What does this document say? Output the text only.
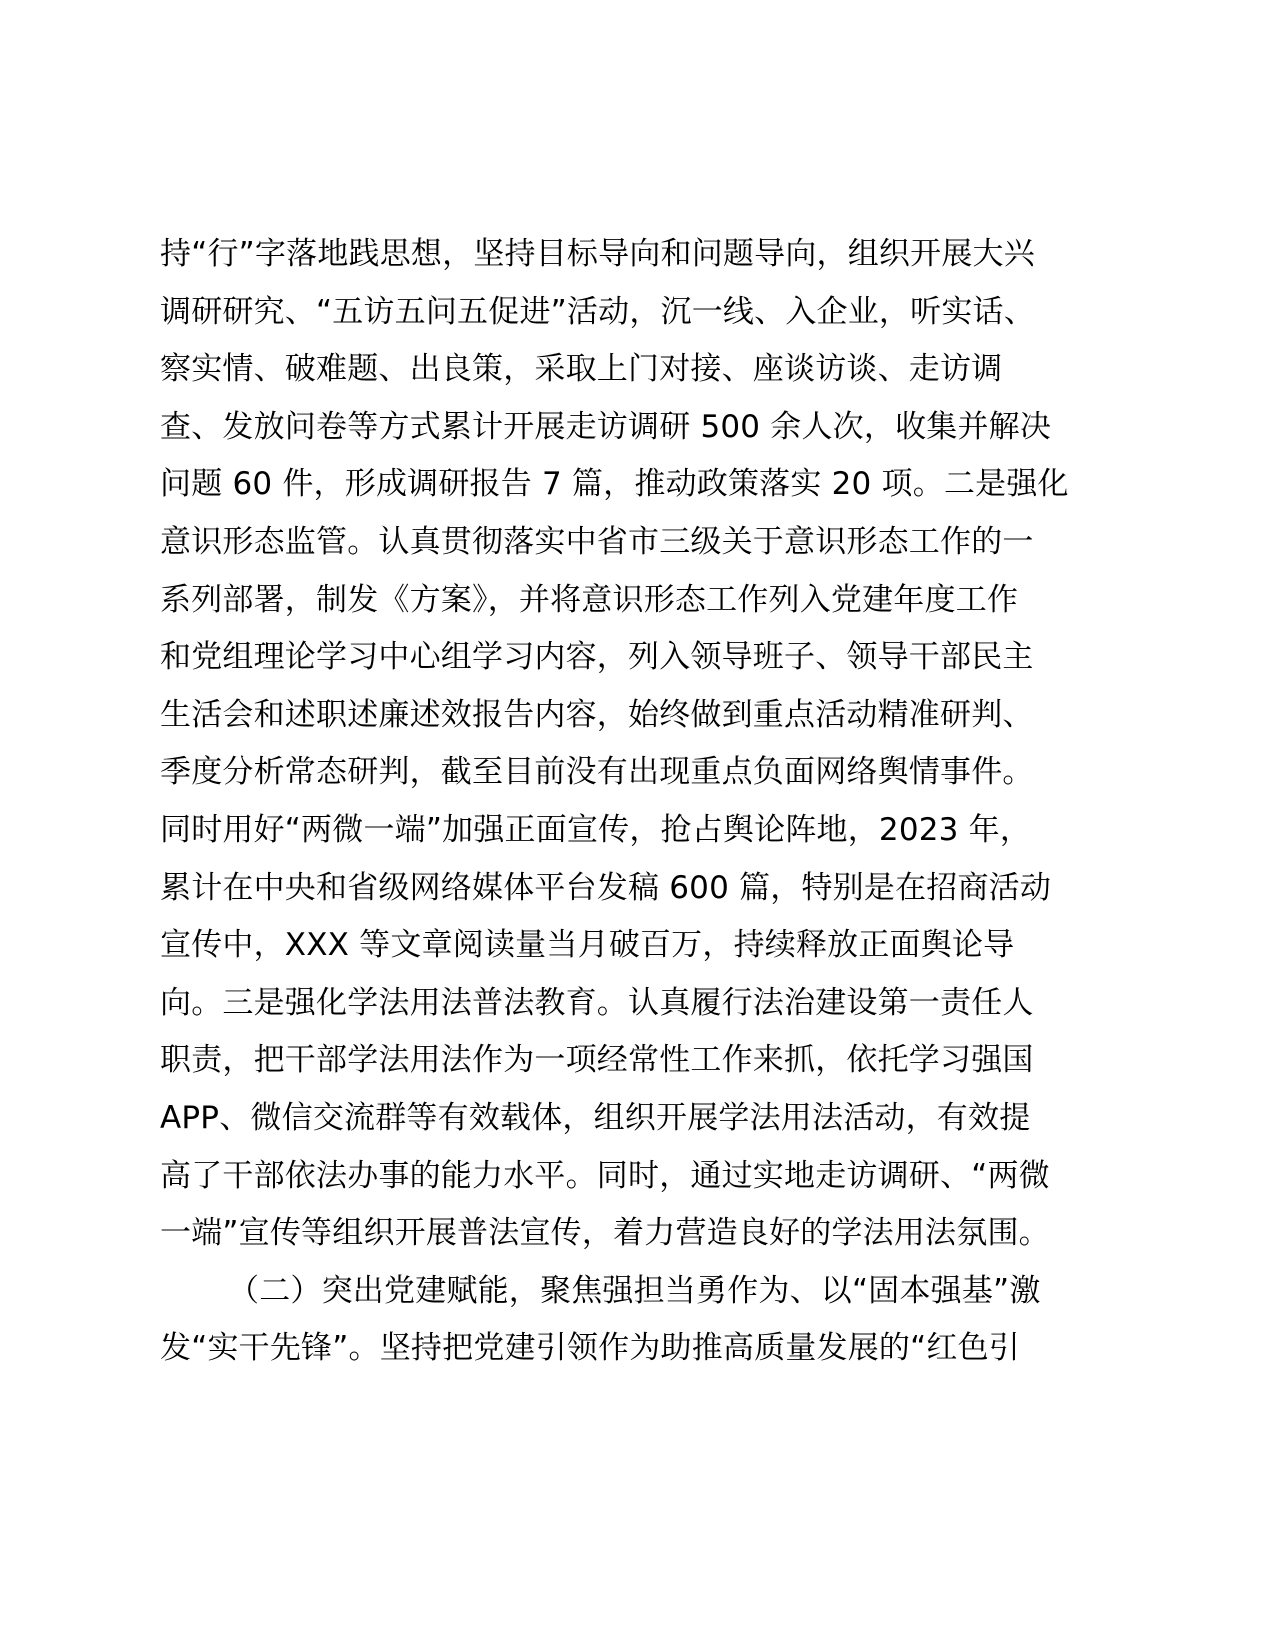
持“行”字落地践思想，坚持目标导向和问题导向，组织开展大兴
调研研究、“五访五问五促进”活动，沉一线、入企业，听实话、
察实情、破难题、出良策，采取上门对接、座谈访谈、走访调
查、发放问卷等方式累计开展走访调研 500 余人次，收集并解决
问题 60 件，形成调研报告 7 篇，推动政策落实 20 项。二是强化
意识形态监管。认真贯彻落实中省市三级关于意识形态工作的一
系列部署，制发《方案》，并将意识形态工作列入党建年度工作
和党组理论学习中心组学习内容，列入领导班子、领导干部民主
生活会和述职述廉述效报告内容，始终做到重点活动精准研判、
季度分析常态研判，截至目前没有出现重点负面网络舆情事件。
同时用好“两微一端”加强正面宣传，抢占舆论阵地，2023 年，
累计在中央和省级网络媒体平台发稿 600 篇，特别是在招商活动
宣传中，XXX 等文章阅读量当月破百万，持续释放正面舆论导
向。三是强化学法用法普法教育。认真履行法治建设第一责任人
职责，把干部学法用法作为一项经常性工作来抓，依托学习强国
APP、微信交流群等有效载体，组织开展学法用法活动，有效提
高了干部依法办事的能力水平。同时，通过实地走访调研、“两微
一端”宣传等组织开展普法宣传，着力营造良好的学法用法氛围。
（二）突出党建赋能，聚焦强担当勇作为、以“固本强基”激
发“实干先锋”。坚持把党建引领作为助推高质量发展的“红色引
